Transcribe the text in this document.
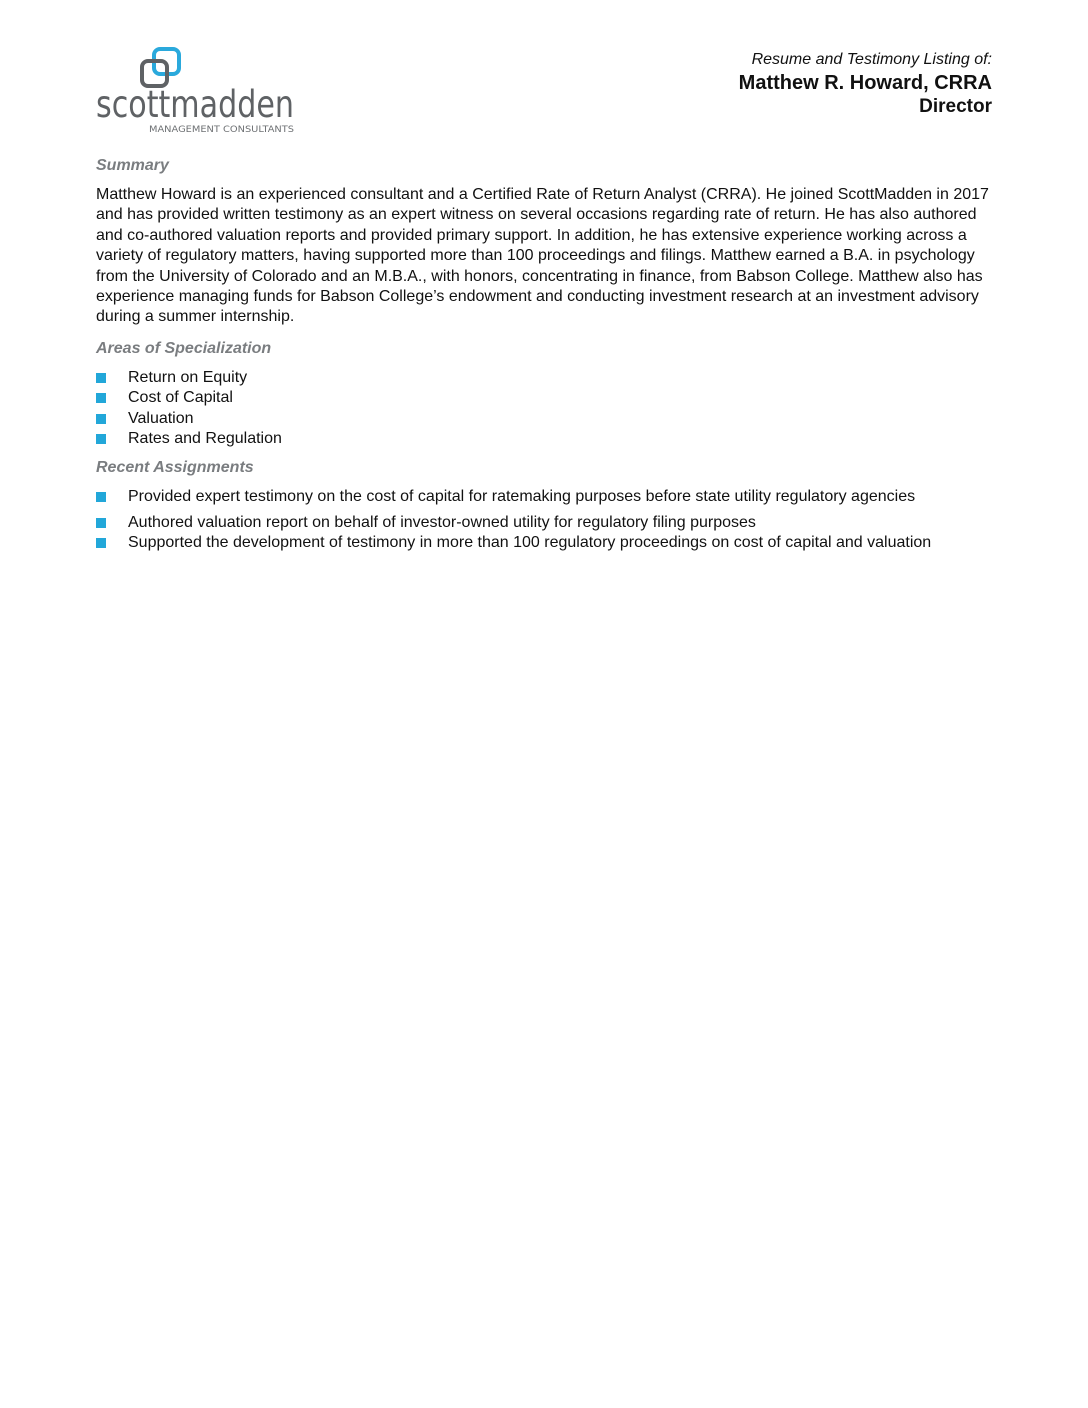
scottmadden
MANAGEMENT CONSULTANTS
Resume and Testimony Listing of:
Matthew R. Howard, CRRA
Director
Summary

Matthew Howard is an experienced consultant and a Certified Rate of Return Analyst (CRRA). He joined ScottMadden in 2017 and has provided written testimony as an expert witness on several occasions regarding rate of return. He has also authored and co-authored valuation reports and provided primary support. In addition, he has extensive experience working across a variety of regulatory matters, having supported more than 100 proceedings and filings. Matthew earned a B.A. in psychology from the University of Colorado and an M.B.A., with honors, concentrating in finance, from Babson College. Matthew also has experience managing funds for Babson College’s endowment and conducting investment research at an investment advisory during a summer internship.

Areas of Specialization
Return on Equity
Cost of Capital
Valuation
Rates and Regulation
Recent Assignments
Provided expert testimony on the cost of capital for ratemaking purposes before state utility regulatory agencies
Authored valuation report on behalf of investor-owned utility for regulatory filing purposes
Supported the development of testimony in more than 100 regulatory proceedings on cost of capital and valuation
